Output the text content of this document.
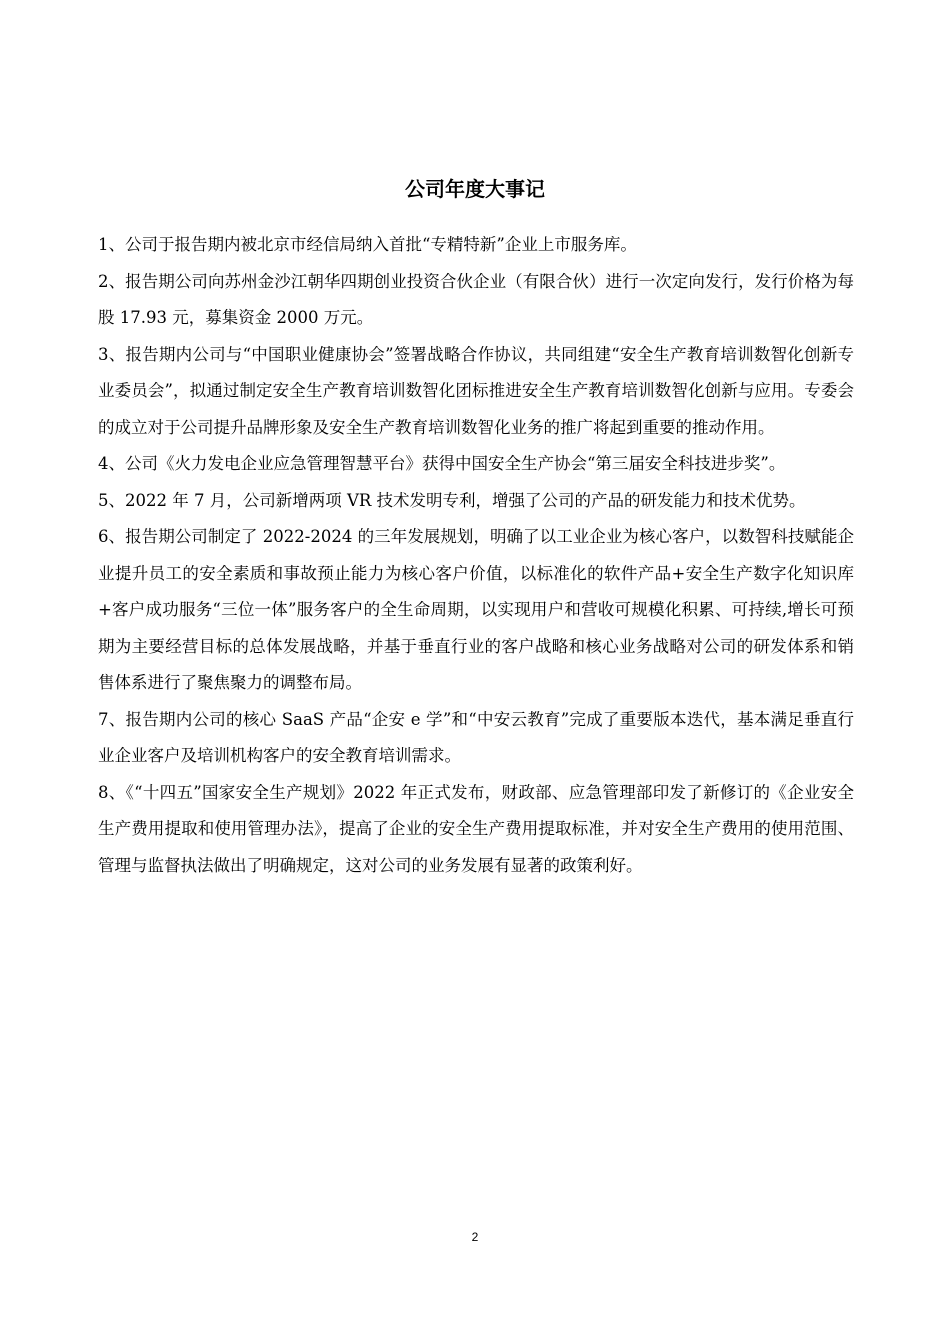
公司年度大事记

1、公司于报告期内被北京市经信局纳入首批“专精特新”企业上市服务库。

2、报告期公司向苏州金沙江朝华四期创业投资合伙企业（有限合伙）进行一次定向发行，发行价格为每股 17.93 元，募集资金 2000 万元。

3、报告期内公司与“中国职业健康协会”签署战略合作协议，共同组建“安全生产教育培训数智化创新专业委员会”，拟通过制定安全生产教育培训数智化团标推进安全生产教育培训数智化创新与应用。专委会的成立对于公司提升品牌形象及安全生产教育培训数智化业务的推广将起到重要的推动作用。

4、公司《火力发电企业应急管理智慧平台》获得中国安全生产协会“第三届安全科技进步奖”。

5、2022 年 7 月，公司新增两项 VR 技术发明专利，增强了公司的产品的研发能力和技术优势。

6、报告期公司制定了 2022-2024 的三年发展规划，明确了以工业企业为核心客户，以数智科技赋能企业提升员工的安全素质和事故预止能力为核心客户价值，以标准化的软件产品+安全生产数字化知识库+客户成功服务“三位一体”服务客户的全生命周期，以实现用户和营收可规模化积累、可持续,增长可预期为主要经营目标的总体发展战略，并基于垂直行业的客户战略和核心业务战略对公司的研发体系和销售体系进行了聚焦聚力的调整布局。

7、报告期内公司的核心 SaaS 产品“企安 e 学”和“中安云教育”完成了重要版本迭代，基本满足垂直行业企业客户及培训机构客户的安全教育培训需求。

8、《“十四五”国家安全生产规划》2022 年正式发布，财政部、应急管理部印发了新修订的《企业安全生产费用提取和使用管理办法》，提高了企业的安全生产费用提取标准，并对安全生产费用的使用范围、管理与监督执法做出了明确规定，这对公司的业务发展有显著的政策利好。

2
